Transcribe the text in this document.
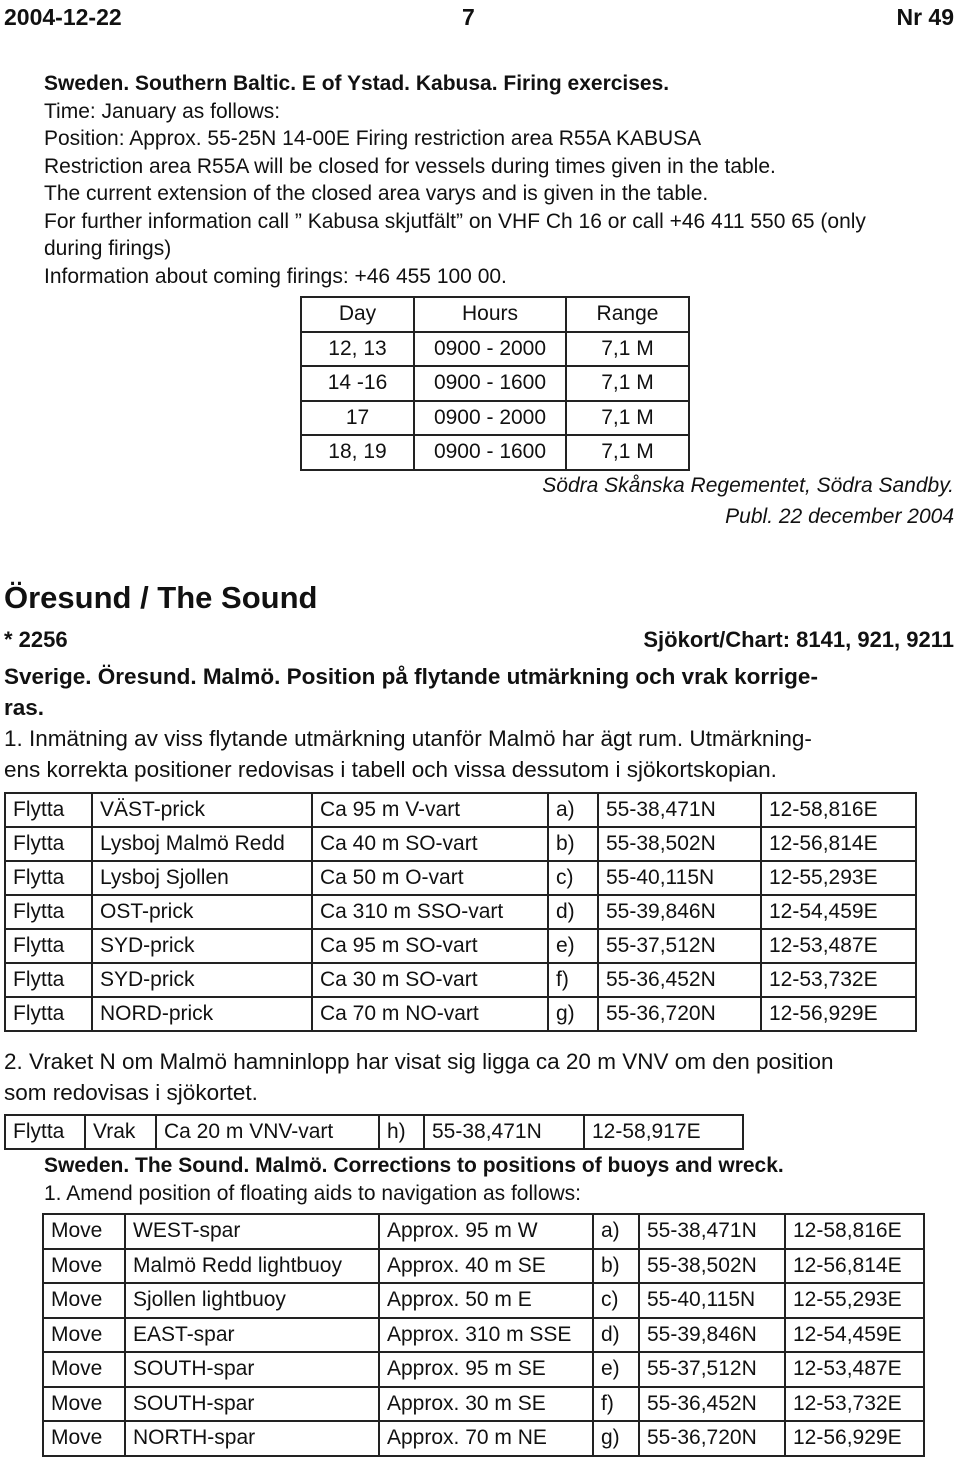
2004-12-22	7	Nr 49
Sweden. Southern Baltic. E of Ystad. Kabusa. Firing exercises.
Time: January as follows:
Position: Approx. 55-25N 14-00E Firing restriction area R55A KABUSA
Restriction area R55A will be closed for vessels during times given in the table.
The current extension of the closed area varys and is given in the table.
For further information call ” Kabusa skjutfält” on VHF Ch 16 or call +46 411 550 65 (only
during firings)
Information about coming firings: +46 455 100 00.
Day	Hours	Range
12, 13	0900 - 2000	7,1 M
14 -16	0900 - 1600	7,1 M
17	0900 - 2000	7,1 M
18, 19	0900 - 1600	7,1 M
Södra Skånska Regementet, Södra Sandby.
Publ. 22 december 2004
Öresund / The Sound
* 2256	Sjökort/Chart: 8141, 921, 9211
Sverige. Öresund. Malmö. Position på flytande utmärkning och vrak korrige-
ras.
1. Inmätning av viss flytande utmärkning utanför Malmö har ägt rum. Utmärkning-
ens korrekta positioner redovisas i tabell och vissa dessutom i sjökortskopian.
Flytta	VÄST-prick	Ca 95 m V-vart	a)	55-38,471N	12-58,816E
Flytta	Lysboj Malmö Redd	Ca 40 m SO-vart	b)	55-38,502N	12-56,814E
Flytta	Lysboj Sjollen	Ca 50 m O-vart	c)	55-40,115N	12-55,293E
Flytta	OST-prick	Ca 310 m SSO-vart	d)	55-39,846N	12-54,459E
Flytta	SYD-prick	Ca 95 m SO-vart	e)	55-37,512N	12-53,487E
Flytta	SYD-prick	Ca 30 m SO-vart	f)	55-36,452N	12-53,732E
Flytta	NORD-prick	Ca 70 m NO-vart	g)	55-36,720N	12-56,929E
2. Vraket N om Malmö hamninlopp har visat sig ligga ca 20 m VNV om den position
som redovisas i sjökortet.
Flytta	Vrak	Ca 20 m VNV-vart	h)	55-38,471N	12-58,917E
Sweden. The Sound. Malmö. Corrections to positions of buoys and wreck.
1. Amend position of floating aids to navigation as follows:
Move	WEST-spar	Approx. 95 m W	a)	55-38,471N	12-58,816E
Move	Malmö Redd lightbuoy	Approx. 40 m SE	b)	55-38,502N	12-56,814E
Move	Sjollen lightbuoy	Approx. 50 m E	c)	55-40,115N	12-55,293E
Move	EAST-spar	Approx. 310 m SSE	d)	55-39,846N	12-54,459E
Move	SOUTH-spar	Approx. 95 m SE	e)	55-37,512N	12-53,487E
Move	SOUTH-spar	Approx. 30 m SE	f)	55-36,452N	12-53,732E
Move	NORTH-spar	Approx. 70 m NE	g)	55-36,720N	12-56,929E
